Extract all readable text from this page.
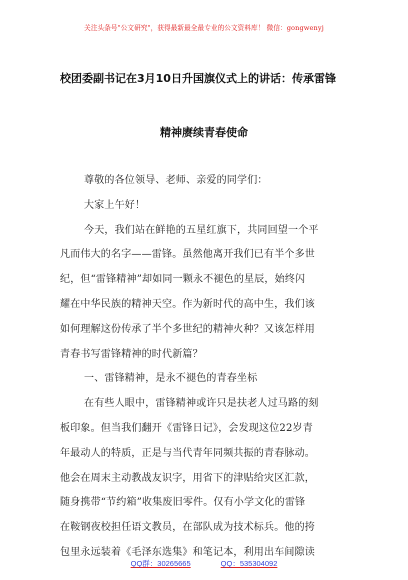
关注头条号"公文研究"，获得最新最全最专业的公文资料库！ 微信：gongwenyj
校团委副书记在3月10日升国旗仪式上的讲话：传承雷锋
精神赓续青春使命
尊敬的各位领导、老师、亲爱的同学们：
大家上午好！
今天，我们站在鲜艳的五星红旗下，共同回望一个平
凡而伟大的名字——雷锋。虽然他离开我们已有半个多世
纪，但“雷锋精神”却如同一颗永不褪色的星辰，始终闪
耀在中华民族的精神天空。作为新时代的高中生，我们该
如何理解这份传承了半个多世纪的精神火种？又该怎样用
青春书写雷锋精神的时代新篇？
一、雷锋精神，是永不褪色的青春坐标
在有些人眼中，雷锋精神或许只是扶老人过马路的刻
板印象。但当我们翻开《雷锋日记》，会发现这位22岁青
年最动人的特质，正是与当代青年同频共振的青春脉动。
他会在周末主动教战友识字，用省下的津贴给灾区汇款，
随身携带“节约箱”收集废旧零件。仅有小学文化的雷锋
在鞍钢夜校担任语文教员，在部队成为技术标兵。他的挎
包里永远装着《毛泽东选集》和笔记本，利用出车间隙读
QQ群：30265665	QQ：535304092
